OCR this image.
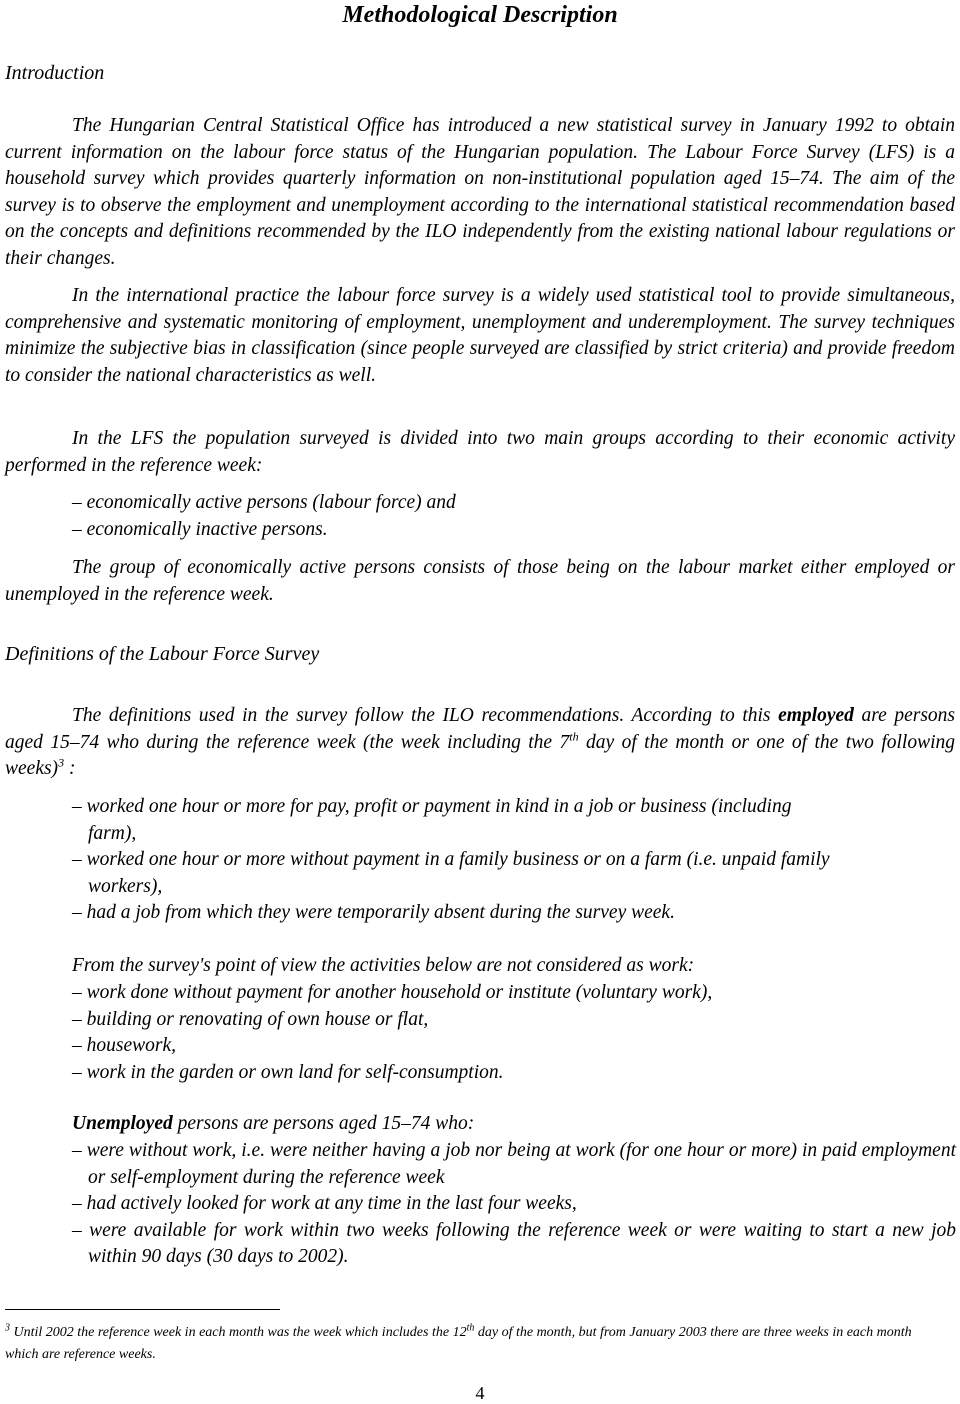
Methodological Description

Introduction

The Hungarian Central Statistical Office has introduced a new statistical survey in January 1992 to obtain current information on the labour force status of the Hungarian population. The Labour Force Survey (LFS) is a household survey which provides quarterly information on non-institutional population aged 15–74. The aim of the survey is to observe the employment and unemployment according to the international statistical recommendation based on the concepts and definitions recommended by the ILO independently from the existing national labour regulations or their changes.

In the international practice the labour force survey is a widely used statistical tool to provide simultaneous, comprehensive and systematic monitoring of employment, unemployment and underemployment. The survey techniques minimize the subjective bias in classification (since people surveyed are classified by strict criteria) and provide freedom to consider the national characteristics as well.

In the LFS the population surveyed is divided into two main groups according to their economic activity performed in the reference week:

– economically active persons (labour force) and
– economically inactive persons.

The group of economically active persons consists of those being on the labour market either employed or unemployed in the reference week.

Definitions of the Labour Force Survey

The definitions used in the survey follow the ILO recommendations. According to this employed are persons aged 15–74 who during the reference week (the week including the 7th day of the month or one of the two following weeks)$^3$ :

– worked one hour or more for pay, profit or payment in kind in a job or business (including farm),
– worked one hour or more without payment in a family business or on a farm (i.e. unpaid family workers),
– had a job from which they were temporarily absent during the survey week.

From the survey's point of view the activities below are not considered as work:

– work done without payment for another household or institute (voluntary work),
– building or renovating of own house or flat,
– housework,
– work in the garden or own land for self-consumption.

Unemployed persons are persons aged 15–74 who:

– were without work, i.e. were neither having a job nor being at work (for one hour or more) in paid employment or self-employment during the reference week
– had actively looked for work at any time in the last four weeks,
– were available for work within two weeks following the reference week or were waiting to start a new job within 90 days (30 days to 2002).

$^3$ Until 2002 the reference week in each month was the week which includes the 12th day of the month, but from January 2003 there are three weeks in each month which are reference weeks.

4
